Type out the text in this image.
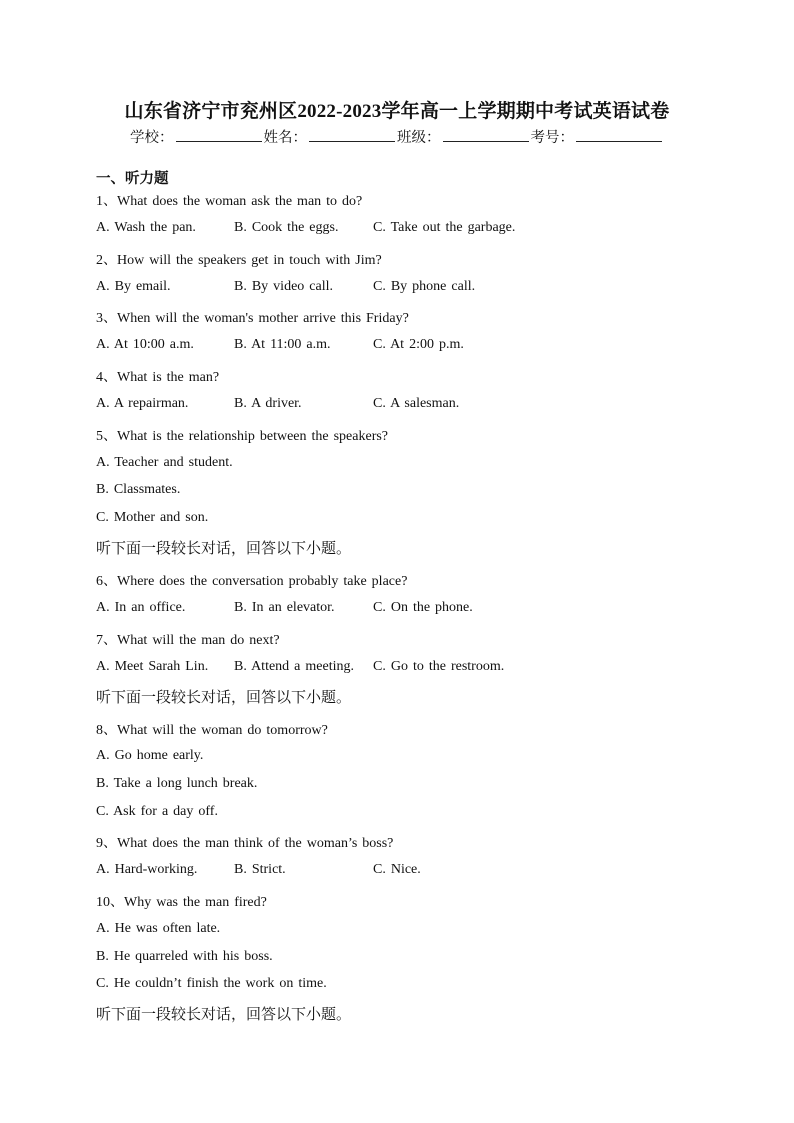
山东省济宁市兖州区2022-2023学年高一上学期期中考试英语试卷
学校：	姓名：	班级：	考号：
一、听力题
1、What does the woman ask the man to do?
A. Wash the pan.	B. Cook the eggs. C. Take out the garbage.
2、How will the speakers get in touch with Jim?
A. By email.	B. By video call.	C. By phone call.
3、When will the woman's mother arrive this Friday?
A. At 10:00 a.m.	B. At 11:00 a.m.	C. At 2:00 p.m.
4、What is the man?
A. A repairman.	B. A driver.	C. A salesman.
5、What is the relationship between the speakers?
A. Teacher and student.
B. Classmates.
C. Mother and son.
听下面一段较长对话，回答以下小题。
6、Where does the conversation probably take place?
A. In an office.	B. In an elevator.	C. On the phone.
7、What will the man do next?
A. Meet Sarah Lin. B. Attend a meeting. C. Go to the restroom.
听下面一段较长对话，回答以下小题。
8、What will the woman do tomorrow?
A. Go home early.
B. Take a long lunch break.
C. Ask for a day off.
9、What does the man think of the woman’s boss?
A. Hard-working.	B. Strict.	C. Nice.
10、Why was the man fired?
A. He was often late.
B. He quarreled with his boss.
C. He couldn’t finish the work on time.
听下面一段较长对话，回答以下小题。
